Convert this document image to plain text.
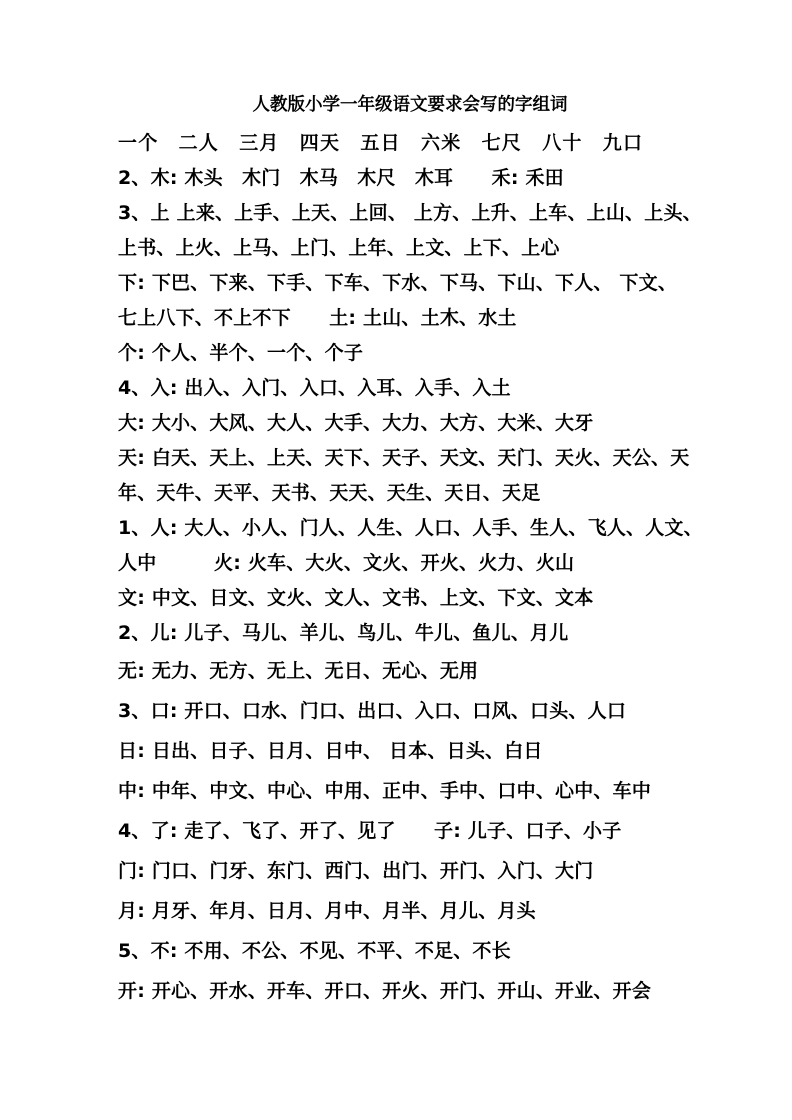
人教版小学一年级语文要求会写的字组词

一个　二人　三月　四天　五日　六米　七尺　八十　九口

2、木: 木头　木门　木马　木尺　木耳　　禾: 禾田

3、上 上来、上手、上天、上回、 上方、上升、上车、上山、上头、

上书、上火、上马、上门、上年、上文、上下、上心

下: 下巴、下来、下手、下车、下水、下马、下山、下人、 下文、

七上八下、不上不下　　土: 土山、土木、水土

个: 个人、半个、一个、个子

4、入: 出入、入门、入口、入耳、入手、入土

大: 大小、大风、大人、大手、大力、大方、大米、大牙

天: 白天、天上、上天、天下、天子、天文、天门、天火、天公、天

年、天牛、天平、天书、天天、天生、天日、天足

1、人: 大人、小人、门人、人生、人口、人手、生人、飞人、人文、

人中　　　火: 火车、大火、文火、开火、火力、火山

文: 中文、日文、文火、文人、文书、上文、下文、文本

2、儿: 儿子、马儿、羊儿、鸟儿、牛儿、鱼儿、月儿

无: 无力、无方、无上、无日、无心、无用

3、口: 开口、口水、门口、出口、入口、口风、口头、人口

日: 日出、日子、日月、日中、 日本、日头、白日

中: 中年、中文、中心、中用、正中、手中、口中、心中、车中

4、了: 走了、飞了、开了、见了　　子: 儿子、口子、小子

门: 门口、门牙、东门、西门、出门、开门、入门、大门

月: 月牙、年月、日月、月中、月半、月儿、月头

5、不: 不用、不公、不见、不平、不足、不长

开: 开心、开水、开车、开口、开火、开门、开山、开业、开会
